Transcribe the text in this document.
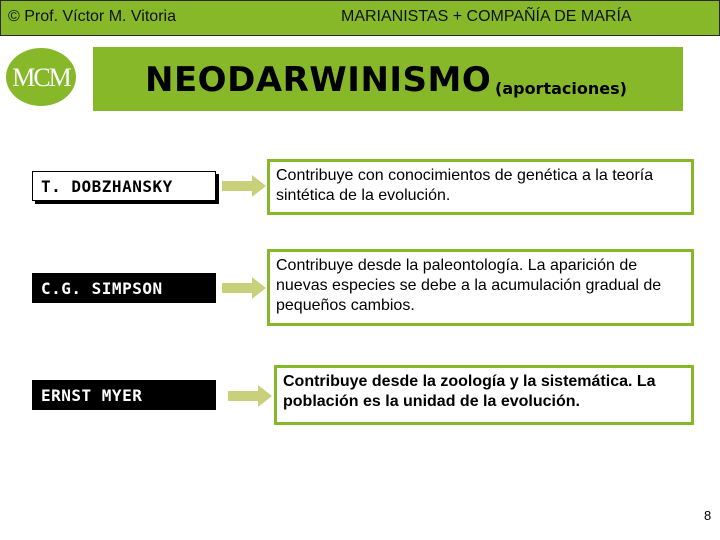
© Prof. Víctor M. Vitoria	MARIANISTAS + COMPAÑÍA DE MARÍA
MCM NEODARWINISMO (aportaciones)
T. DOBZHANSKY
Contribuye con conocimientos de genética a la teoría sintética de la evolución.
C.G. SIMPSON
Contribuye desde la paleontología. La aparición de nuevas especies se debe a la acumulación gradual de pequeños cambios.
ERNST MYER
Contribuye desde la zoología y la sistemática. La población es la unidad de la evolución.
8
